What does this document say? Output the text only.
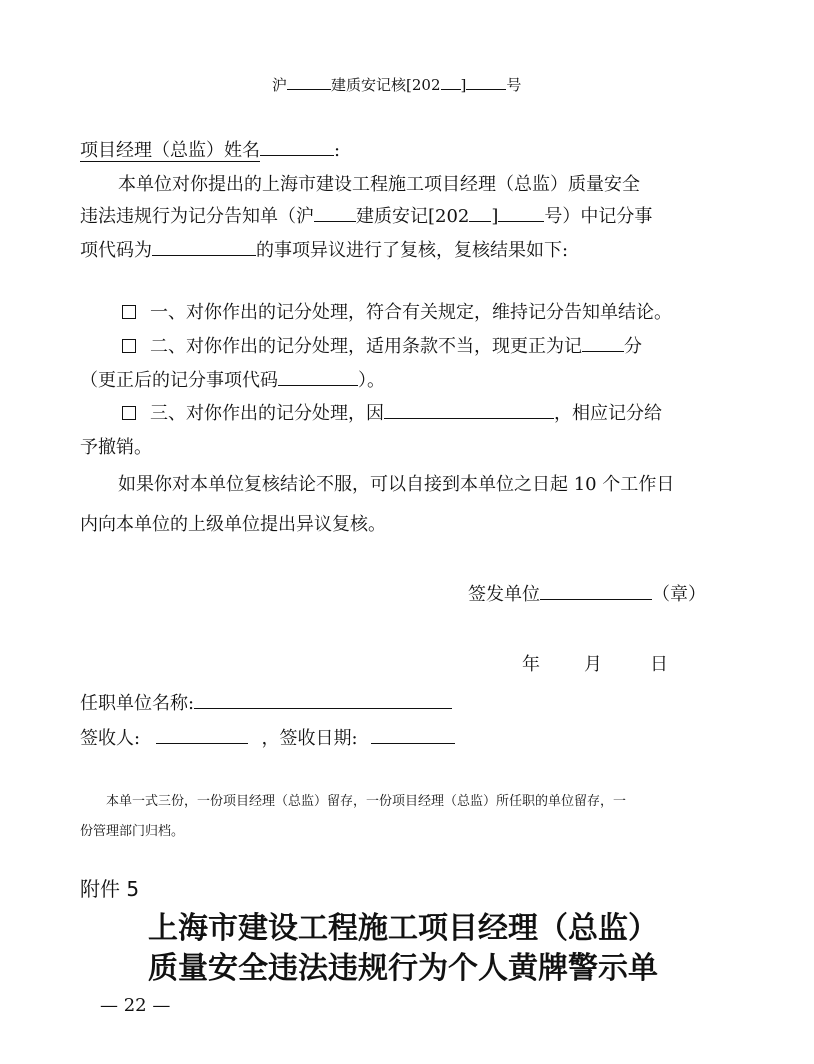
沪	建质安记核[202 ]	号
项目经理（总监）姓名	:
本单位对你提出的上海市建设工程施工项目经理（总监）质量安全
违法违规行为记分告知单（沪 建质安记[202 ]	号）中记分事
项代码为	的事项异议进行了复核，复核结果如下:
一、对你作出的记分处理，符合有关规定，维持记分告知单结论。
二、对你作出的记分处理，适用条款不当，现更正为记 分
（更正后的记分事项代码	）。
三、对你作出的记分处理，因	，相应记分给
予撤销。
如果你对本单位复核结论不服，可以自接到本单位之日起 10 个工作日
内向本单位的上级单位提出异议复核。
签发单位	（章）
年 月	日
任职单位名称:
签收人:	，签收日期:
本单一式三份，一份项目经理（总监）留存，一份项目经理（总监）所任职的单位留存，一
份管理部门归档。
附件 5
上海市建设工程施工项目经理（总监）
质量安全违法违规行为个人黄牌警示单
— 22 —
